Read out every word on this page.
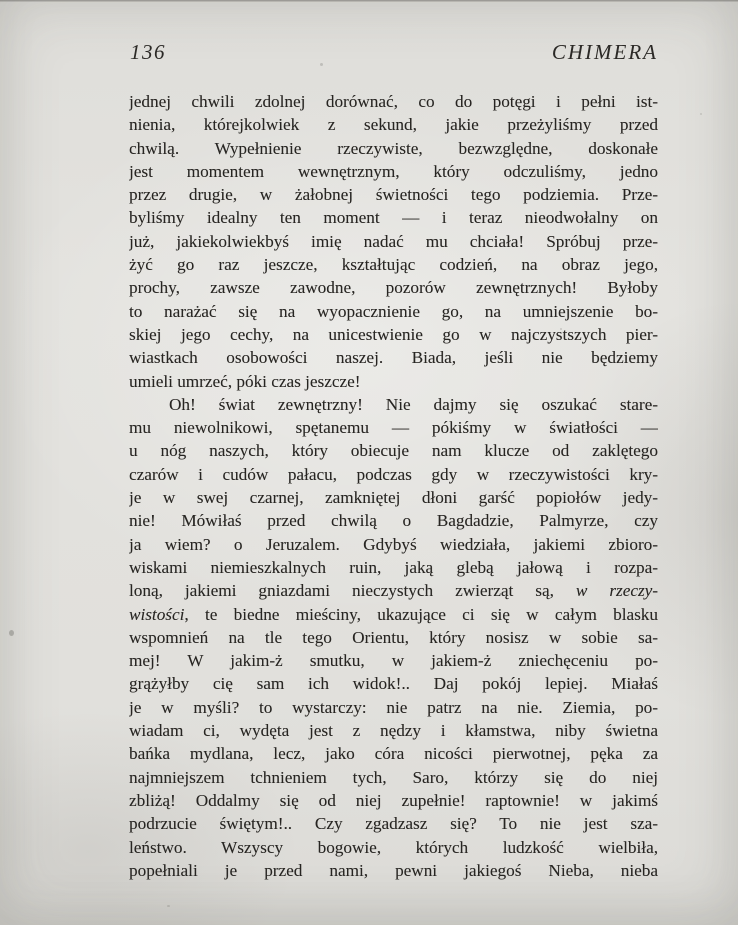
136	CHIMERA
jednej chwili zdolnej dorównać, co do potęgi i pełni ist-
nienia, którejkolwiek z sekund, jakie przeżyliśmy przed
chwilą. Wypełnienie rzeczywiste, bezwzględne, doskonałe
jest momentem wewnętrznym, który odczuliśmy, jedno
przez drugie, w żałobnej świetności tego podziemia. Prze-
byliśmy idealny ten moment — i teraz nieodwołalny on
już, jakiekolwiekbyś imię nadać mu chciała! Spróbuj prze-
żyć go raz jeszcze, kształtując codzień, na obraz jego,
prochy, zawsze zawodne, pozorów zewnętrznych! Byłoby
to narażać się na wyopacznienie go, na umniejszenie bo-
skiej jego cechy, na unicestwienie go w najczystszych pier-
wiastkach osobowości naszej. Biada, jeśli nie będziemy
umieli umrzeć, póki czas jeszcze!
Oh! świat zewnętrzny! Nie dajmy się oszukać stare-
mu niewolnikowi, spętanemu — pókiśmy w światłości —
u nóg naszych, który obiecuje nam klucze od zaklętego
czarów i cudów pałacu, podczas gdy w rzeczywistości kry-
je w swej czarnej, zamkniętej dłoni garść popiołów jedy-
nie! Mówiłaś przed chwilą o Bagdadzie, Palmyrze, czy
ja wiem? o Jeruzalem. Gdybyś wiedziała, jakiemi zbioro-
wiskami niemieszkalnych ruin, jaką glebą jałową i rozpa-
loną, jakiemi gniazdami nieczystych zwierząt są, w rzeczy-
wistości, te biedne mieściny, ukazujące ci się w całym blasku
wspomnień na tle tego Orientu, który nosisz w sobie sa-
mej! W jakim-ż smutku, w jakiem-ż zniechęceniu po-
grążyłby cię sam ich widok!.. Daj pokój lepiej. Miałaś
je w myśli? to wystarczy: nie patrz na nie. Ziemia, po-
wiadam ci, wydęta jest z nędzy i kłamstwa, niby świetna
bańka mydlana, lecz, jako córa nicości pierwotnej, pęka za
najmniejszem tchnieniem tych, Saro, którzy się do niej
zbliżą! Oddalmy się od niej zupełnie! raptownie! w jakimś
podrzucie świętym!.. Czy zgadzasz się? To nie jest sza-
leństwo. Wszyscy bogowie, których ludzkość wielbiła,
popełniali je przed nami, pewni jakiegoś Nieba, nieba
